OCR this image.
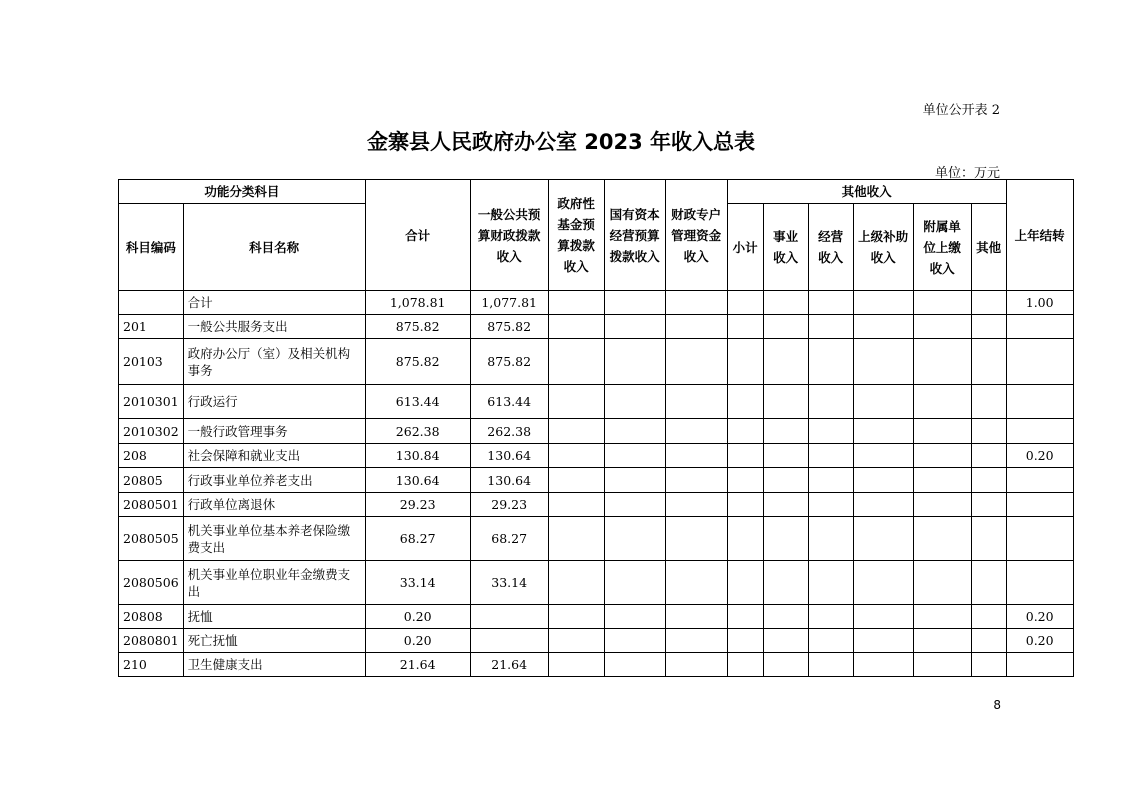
单位公开表 2
金寨县人民政府办公室 2023 年收入总表
单位：万元
功能分类科目		合计	一般公共预算财政拨款收入	政府性基金预算拨款收入	国有资本经营预算拨款收入	财政专户管理资金收入	其他收入						上年结转
科目编码	科目名称						小计	事业收入	经营收入	上级补助收入	附属单位上缴收入	其他	
	合计	1,078.81	1,077.81										1.00
201	一般公共服务支出	875.82	875.82										
20103	政府办公厅（室）及相关机构事务	875.82	875.82										
2010301	行政运行	613.44	613.44										
2010302	一般行政管理事务	262.38	262.38										
208	社会保障和就业支出	130.84	130.64										0.20
20805	行政事业单位养老支出	130.64	130.64										
2080501	行政单位离退休	29.23	29.23										
2080505	机关事业单位基本养老保险缴费支出	68.27	68.27										
2080506	机关事业单位职业年金缴费支出	33.14	33.14										
20808	抚恤	0.20											0.20
2080801	死亡抚恤	0.20											0.20
210	卫生健康支出	21.64	21.64										
8
